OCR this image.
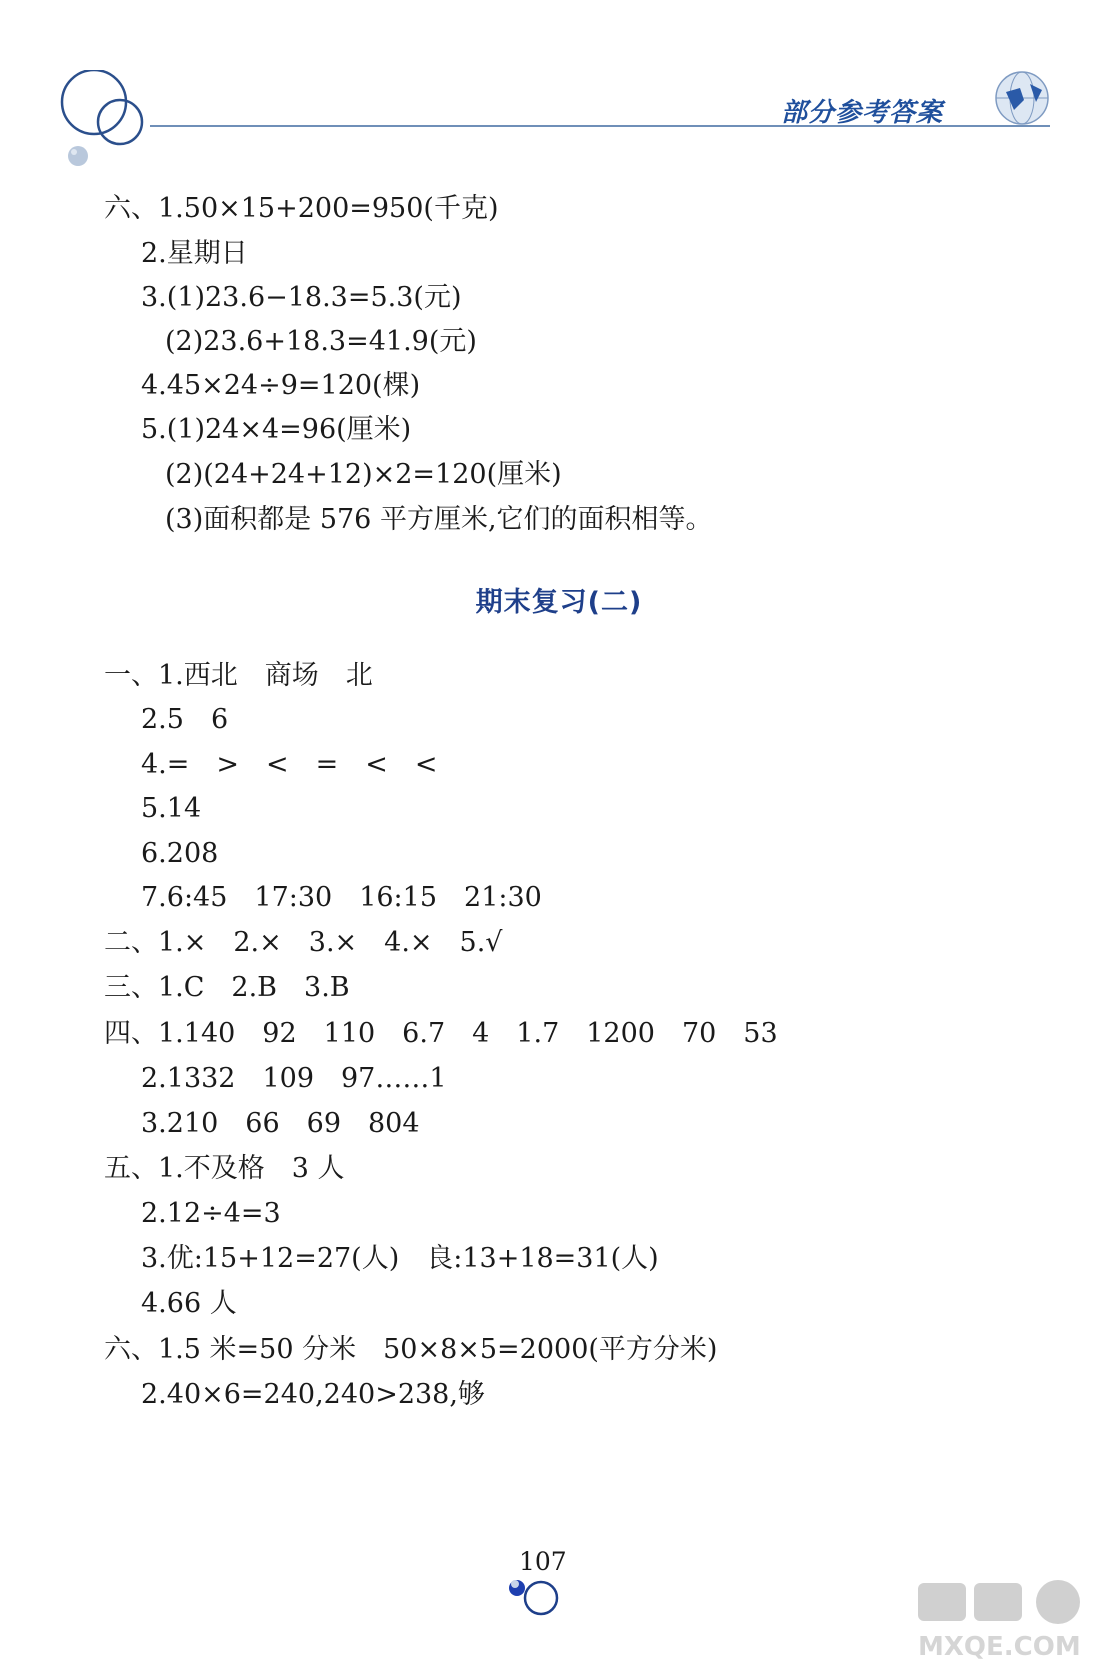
部分参考答案
六、1.50×15+200=950(千克)
2.星期日
3.(1)23.6−18.3=5.3(元)
(2)23.6+18.3=41.9(元)
4.45×24÷9=120(棵)
5.(1)24×4=96(厘米)
(2)(24+24+12)×2=120(厘米)
(3)面积都是 576 平方厘米,它们的面积相等。
期末复习(二)
一、1.西北　商场　北
2.5　6
4.=　>　<　=　<　<
5.14
6.208
7.6:45　17:30　16:15　21:30
二、1.×　2.×　3.×　4.×　5.√
三、1.C　2.B　3.B
四、1.140　92　110　6.7　4　1.7　1200　70　53
2.1332　109　97……1
3.210　66　69　804
五、1.不及格　3 人
2.12÷4=3
3.优:15+12=27(人)　良:13+18=31(人)
4.66 人
六、1.5 米=50 分米　50×8×5=2000(平方分米)
2.40×6=240,240>238,够
107
MXQE.COM
